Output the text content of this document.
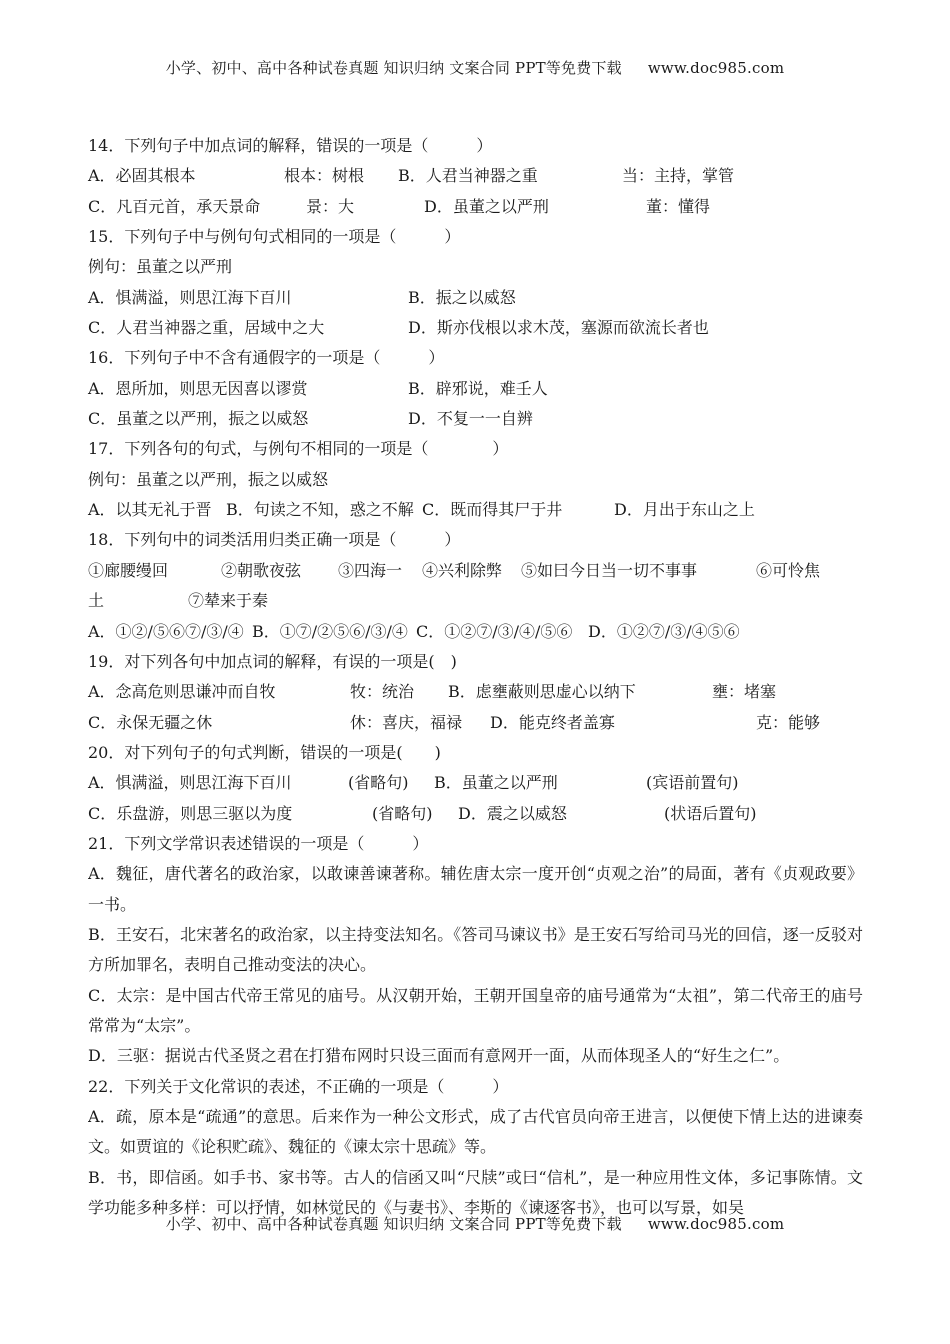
小学、初中、高中各种试卷真题 知识归纳 文案合同 PPT等免费下载 www.doc985.com
14．下列句子中加点词的解释，错误的一项是（　　　）
A．必固其根本	根本：树根 B．人君当神器之重	当：主持，掌管
C．凡百元首，承天景命	景：大	D．虽董之以严刑	董：懂得
15．下列句子中与例句句式相同的一项是（　　　）
例句：虽董之以严刑
A．惧满溢，则思江海下百川	B．振之以威怒
C．人君当神器之重，居域中之大	D．斯亦伐根以求木茂，塞源而欲流长者也
16．下列句子中不含有通假字的一项是（　　　）
A．恩所加，则思无因喜以谬赏	B．辟邪说，难壬人
C．虽董之以严刑，振之以威怒	D．不复一一自辨
17．下列各句的句式，与例句不相同的一项是（　　　　）
例句：虽董之以严刑，振之以威怒
A．以其无礼于晋 B．句读之不知，惑之不解 C．既而得其尸于井	D．月出于东山之上
18．下列句中的词类活用归类正确一项是（　　　）
①廊腰缦回	②朝歌夜弦 ③四海一 ④兴利除弊 ⑤如曰今日当一切不事事	⑥可怜焦
土	⑦辇来于秦
A．①②/⑤⑥⑦/③/④ B．①⑦/②⑤⑥/③/④ C．①②⑦/③/④/⑤⑥ D．①②⑦/③/④⑤⑥
19．对下列各句中加点词的解释，有误的一项是(　)
A．念高危则思谦冲而自牧	牧：统治 B．虑壅蔽则思虚心以纳下	壅：堵塞
C．永保无疆之休	休：喜庆，福禄 D．能克终者盖寡	克：能够
20．对下列句子的句式判断，错误的一项是(　　)
A．惧满溢，则思江海下百川	(省略句) B．虽董之以严刑	(宾语前置句)
C．乐盘游，则思三驱以为度	(省略句) D．震之以威怒	(状语后置句)
21．下列文学常识表述错误的一项是（　　　）
A．魏征，唐代著名的政治家，以敢谏善谏著称。辅佐唐太宗一度开创“贞观之治”的局面，著有《贞观政要》一书。
B．王安石，北宋著名的政治家，以主持变法知名。《答司马谏议书》是王安石写给司马光的回信，逐一反驳对方所加罪名，表明自己推动变法的决心。
C．太宗：是中国古代帝王常见的庙号。从汉朝开始，王朝开国皇帝的庙号通常为“太祖”，第二代帝王的庙号常常为“太宗”。
D．三驱：据说古代圣贤之君在打猎布网时只设三面而有意网开一面，从而体现圣人的“好生之仁”。
22．下列关于文化常识的表述，不正确的一项是（　　　）
A．疏，原本是“疏通”的意思。后来作为一种公文形式，成了古代官员向帝王进言，以便使下情上达的进谏奏文。如贾谊的《论积贮疏》、魏征的《谏太宗十思疏》等。
B．书，即信函。如手书、家书等。古人的信函又叫“尺牍”或曰“信札”，是一种应用性文体，多记事陈情。文学功能多种多样：可以抒情，如林觉民的《与妻书》、李斯的《谏逐客书》，也可以写景，如吴
小学、初中、高中各种试卷真题 知识归纳 文案合同 PPT等免费下载 www.doc985.com
